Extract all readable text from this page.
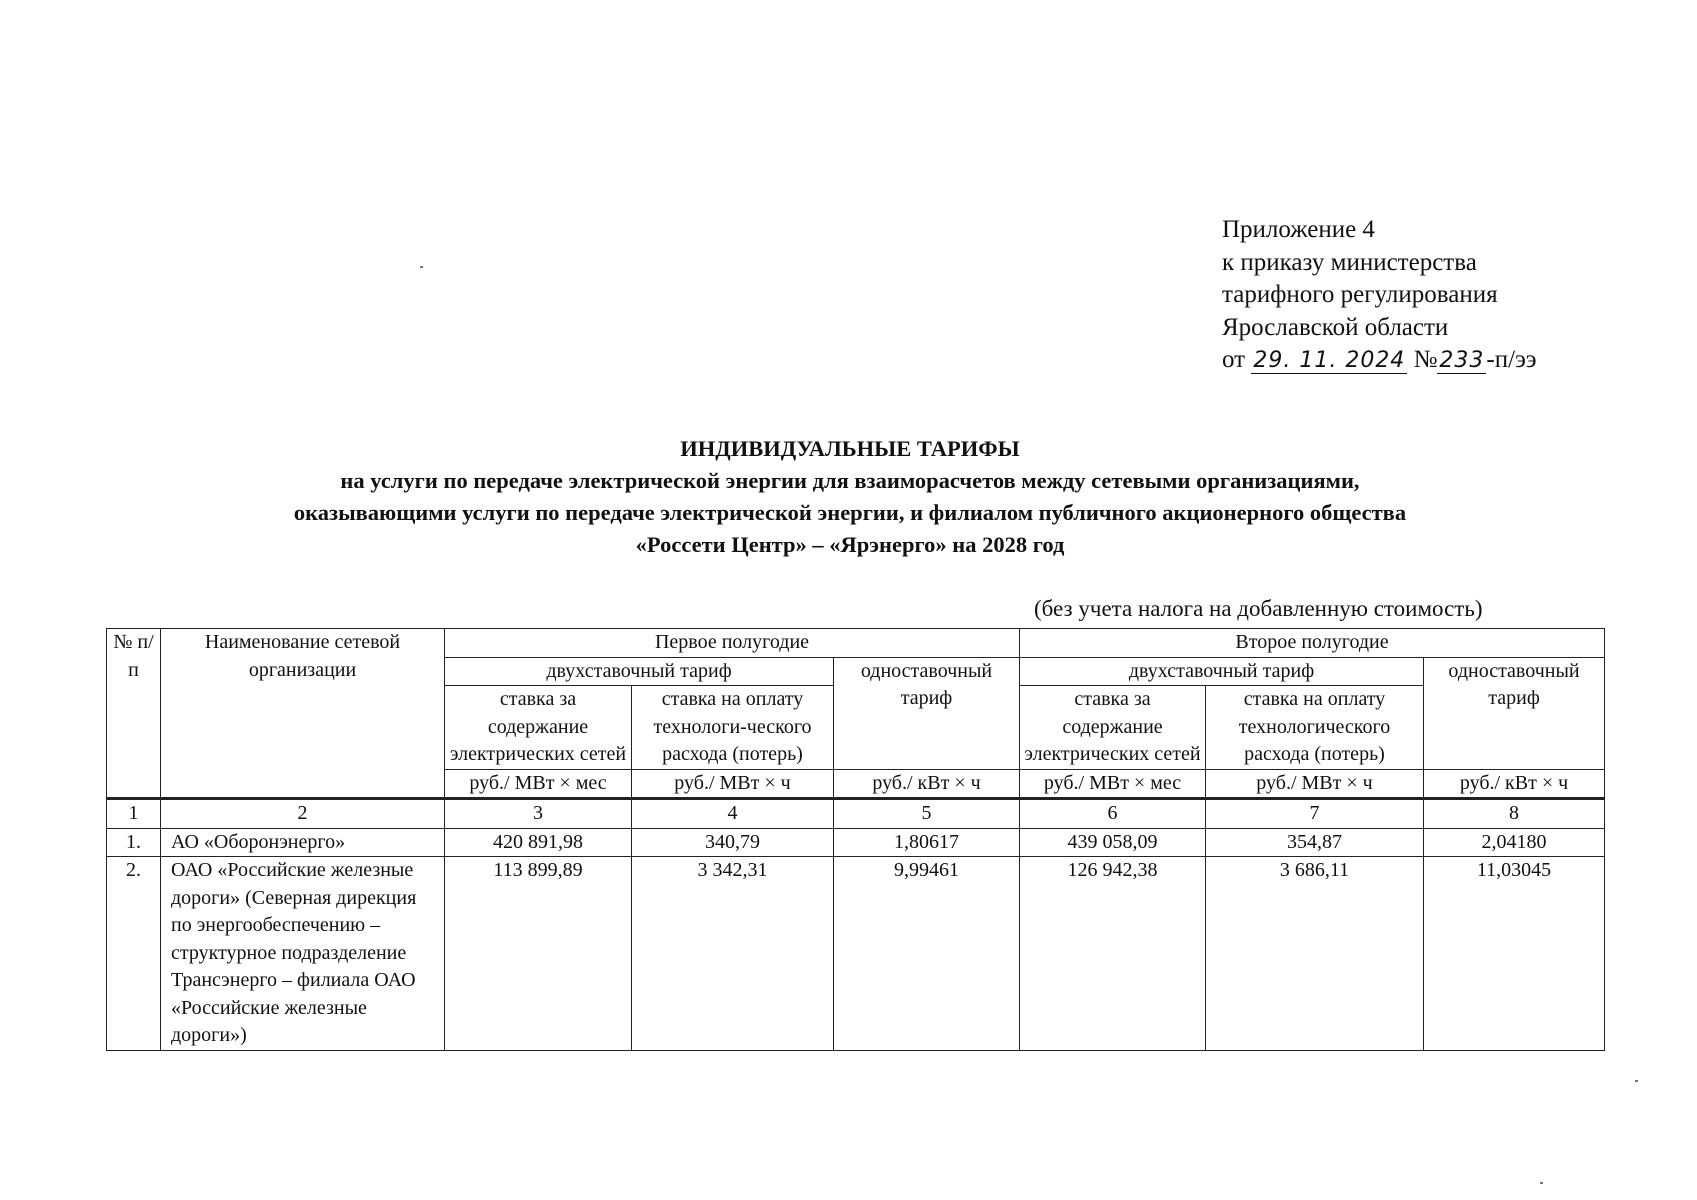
Приложение 4
к приказу министерства
тарифного регулирования
Ярославской области
от 29. 11. 2024 №233-п/ээ
ИНДИВИДУАЛЬНЫЕ ТАРИФЫ
на услуги по передаче электрической энергии для взаиморасчетов между сетевыми организациями,
оказывающими услуги по передаче электрической энергии, и филиалом публичного акционерного общества
«Россети Центр» – «Ярэнерго» на 2028 год
(без учета налога на добавленную стоимость)
№ п/п	Наименование сетевой организации	Первое полугодие			Второе полугодие		
		двухставочный тариф		одноставочный тариф	двухставочный тариф		одноставочный тариф
		ставка за содержание электрических сетей	ставка на оплату технологи-ческого расхода (потерь)		ставка за содержание электрических сетей	ставка на оплату технологического расхода (потерь)	
		руб./ МВт × мес	руб./ МВт × ч	руб./ кВт × ч	руб./ МВт × мес	руб./ МВт × ч	руб./ кВт × ч
1	2	3	4	5	6	7	8
1.	АО «Оборонэнерго»	420 891,98	340,79	1,80617	439 058,09	354,87	2,04180
2.	ОАО «Российские железные дороги» (Северная дирекция по энергообеспечению – структурное подразделение Трансэнерго – филиала ОАО «Российские железные дороги»)	113 899,89	3 342,31	9,99461	126 942,38	3 686,11	11,03045
